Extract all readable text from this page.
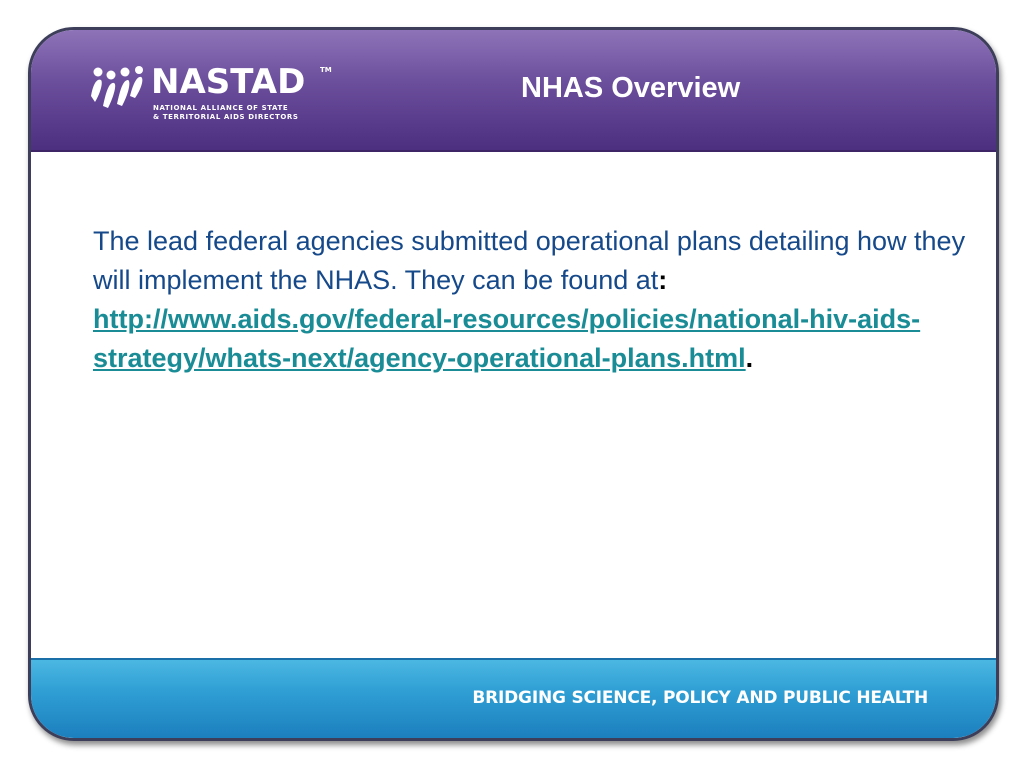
NASTAD TM
NATIONAL ALLIANCE OF STATE
& TERRITORIAL AIDS DIRECTORS
NHAS Overview
The lead federal agencies submitted operational plans detailing how they will implement the NHAS. They can be found at: http://www.aids.gov/federal-resources/policies/national-hiv-aids-strategy/whats-next/agency-operational-plans.html.
BRIDGING SCIENCE, POLICY AND PUBLIC HEALTH
